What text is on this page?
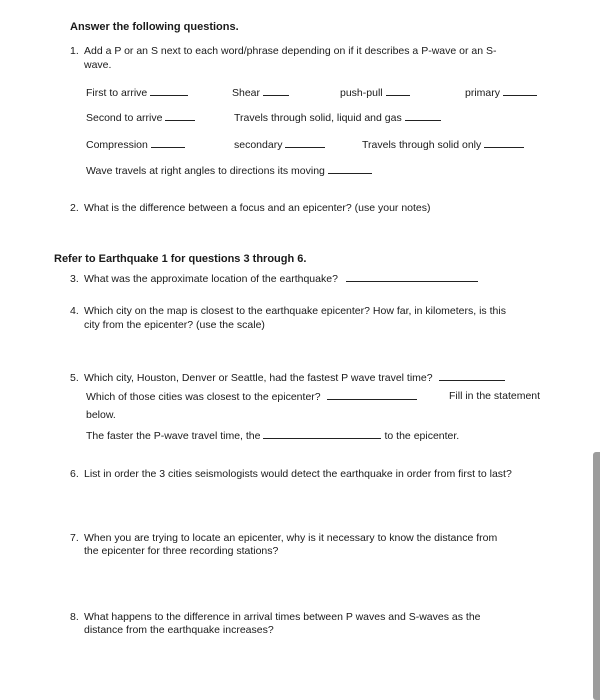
Answer the following questions.
1. Add a P or an S next to each word/phrase depending on if it describes a P-wave or an S-
wave.
First to arrive	Shear	push-pull	primary
Second to arrive	Travels through solid, liquid and gas
Compression	secondary	Travels through solid only
Wave travels at right angles to directions its moving
2. What is the difference between a focus and an epicenter? (use your notes)
Refer to Earthquake 1 for questions 3 through 6.
3. What was the approximate location of the earthquake?
4. Which city on the map is closest to the earthquake epicenter? How far, in kilometers, is this
city from the epicenter? (use the scale)
5. Which city, Houston, Denver or Seattle, had the fastest P wave travel time?
Which of those cities was closest to the epicenter?	Fill in the statement
below.
The faster the P-wave travel time, the	to the epicenter.
6. List in order the 3 cities seismologists would detect the earthquake in order from first to last?
7. When you are trying to locate an epicenter, why is it necessary to know the distance from
the epicenter for three recording stations?
8. What happens to the difference in arrival times between P waves and S-waves as the
distance from the earthquake increases?
